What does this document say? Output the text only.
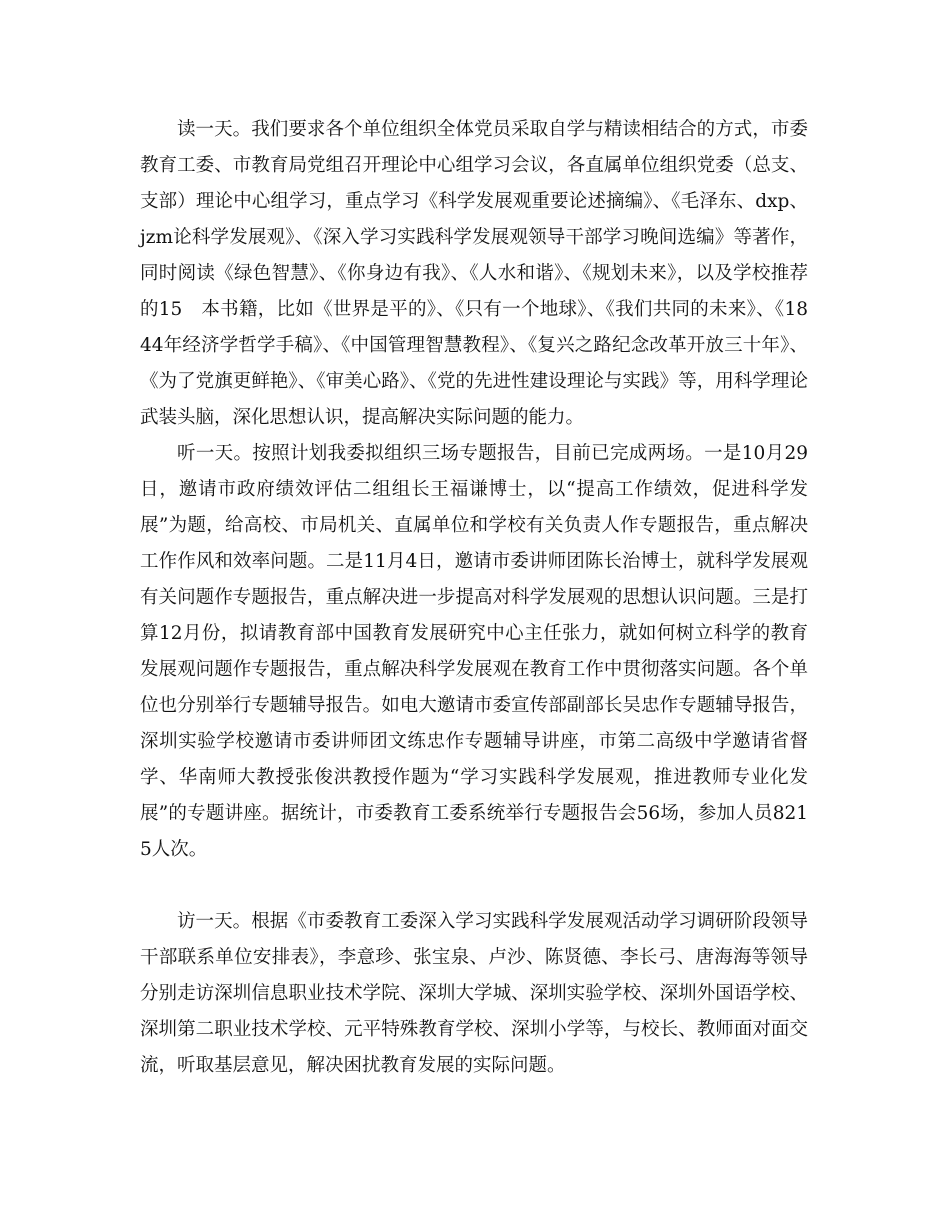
读一天。我们要求各个单位组织全体党员采取自学与精读相结合的方式，市委教育工委、市教育局党组召开理论中心组学习会议，各直属单位组织党委（总支、支部）理论中心组学习，重点学习《科学发展观重要论述摘编》、《毛泽东、dxp、jzm论科学发展观》、《深入学习实践科学发展观领导干部学习晚间选编》等著作，同时阅读《绿色智慧》、《你身边有我》、《人水和谐》、《规划未来》，以及学校推荐的15　本书籍，比如《世界是平的》、《只有一个地球》、《我们共同的未来》、《1844年经济学哲学手稿》、《中国管理智慧教程》、《复兴之路纪念改革开放三十年》、《为了党旗更鲜艳》、《审美心路》、《党的先进性建设理论与实践》等，用科学理论武装头脑，深化思想认识，提高解决实际问题的能力。

听一天。按照计划我委拟组织三场专题报告，目前已完成两场。一是10月29日，邀请市政府绩效评估二组组长王福谦博士，以“提高工作绩效，促进科学发展”为题，给高校、市局机关、直属单位和学校有关负责人作专题报告，重点解决工作作风和效率问题。二是11月4日，邀请市委讲师团陈长治博士，就科学发展观有关问题作专题报告，重点解决进一步提高对科学发展观的思想认识问题。三是打算12月份，拟请教育部中国教育发展研究中心主任张力，就如何树立科学的教育发展观问题作专题报告，重点解决科学发展观在教育工作中贯彻落实问题。各个单位也分别举行专题辅导报告。如电大邀请市委宣传部副部长吴忠作专题辅导报告，深圳实验学校邀请市委讲师团文练忠作专题辅导讲座，市第二高级中学邀请省督学、华南师大教授张俊洪教授作题为“学习实践科学发展观，推进教师专业化发展”的专题讲座。据统计，市委教育工委系统举行专题报告会56场，参加人员8215人次。

访一天。根据《市委教育工委深入学习实践科学发展观活动学习调研阶段领导干部联系单位安排表》，李意珍、张宝泉、卢沙、陈贤德、李长弓、唐海海等领导分别走访深圳信息职业技术学院、深圳大学城、深圳实验学校、深圳外国语学校、深圳第二职业技术学校、元平特殊教育学校、深圳小学等，与校长、教师面对面交流，听取基层意见，解决困扰教育发展的实际问题。
